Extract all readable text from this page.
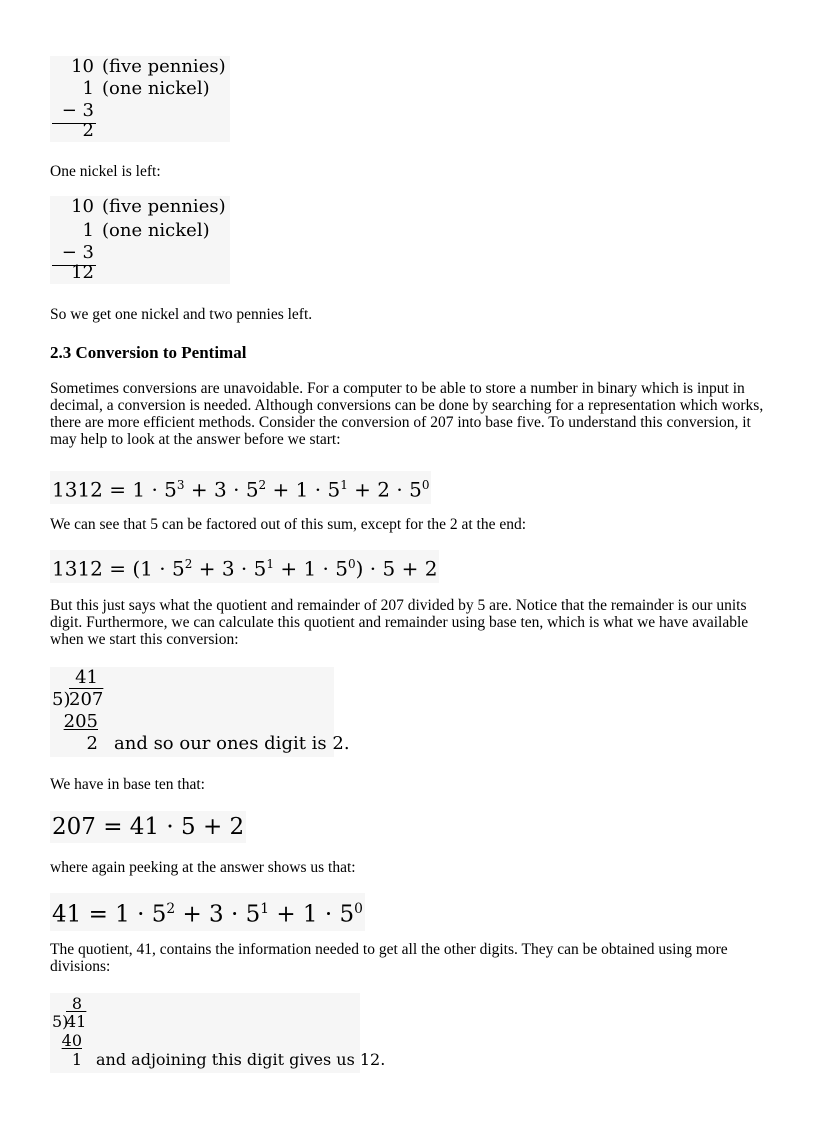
10 (five pennies)
1 (one nickel)
− 3
2
One nickel is left:
10 (five pennies)
1 (one nickel)
− 3
12
So we get one nickel and two pennies left.
2.3 Conversion to Pentimal
Sometimes conversions are unavoidable. For a computer to be able to store a number in binary which is input in decimal, a conversion is needed. Although conversions can be done by searching for a representation which works, there are more efficient methods. Consider the conversion of 207 into base five. To understand this conversion, it may help to look at the answer before we start:
$1312 = 1 \cdot 5^3 + 3 \cdot 5^2 + 1 \cdot 5^1 + 2 \cdot 5^0$
We can see that 5 can be factored out of this sum, except for the 2 at the end:
$1312 = (1 \cdot 5^2 + 3 \cdot 5^1 + 1 \cdot 5^0) \cdot 5 + 2$
But this just says what the quotient and remainder of 207 divided by 5 are. Notice that the remainder is our units digit. Furthermore, we can calculate this quotient and remainder using base ten, which is what we have available when we start this conversion:
41
5)
207
205
2 and so our ones digit is 2.
We have in base ten that:
207 = 41 · 5 + 2
where again peeking at the answer shows us that:
$41 = 1 \cdot 5^2 + 3 \cdot 5^1 + 1 \cdot 5^0$
The quotient, 41, contains the information needed to get all the other digits. They can be obtained using more divisions:
8
5)
41
40
1 and adjoining this digit gives us 12.
